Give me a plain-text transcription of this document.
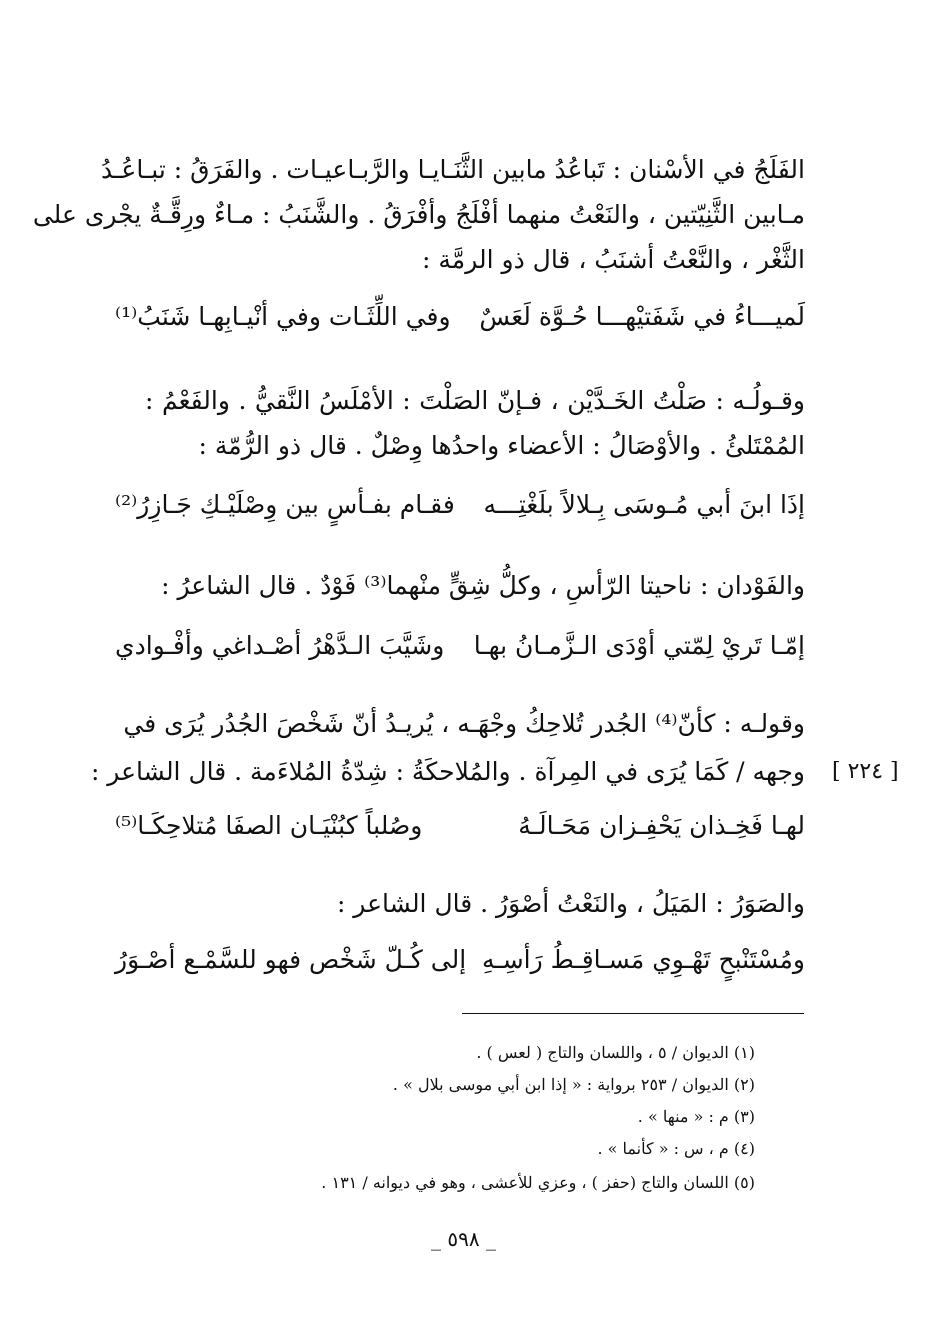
الفَلَجُ في الأسْنان : تَباعُدُ مابين الثَّنَـايـا والرَّبـاعيـات . والفَرَقُ : تبـاعُـدُ
مـابين الثَّنِيّتين ، والنَعْتُ منهما أفْلَجُ وأفْرَقُ . والشَّنَبُ : مـاءٌ ورِقَّـةٌ يجْرى على
الثَّغْر ، والنَّعْتُ أشنَبُ ، قال ذو الرمَّة :
لَميـــاءُ في شَفَتيْهـــا حُـوَّة لَعَسٌ
وفي اللِّثَـات وفي أنْيـابِهـا شَنَبُ⁽¹⁾
وقـولُـه : صَلْتُ الخَـدَّيْن ، فـإنّ الصَلْتَ : الأمْلَسُ النَّقيُّ . والفَعْمُ :
المُمْتَلئُ . والأوْصَالُ : الأعضاء واحدُها وِصْلٌ . قال ذو الرُّمّة :
إذَا ابنَ أبي مُـوسَى بِـلالاً بلَغْتِـــه
فقـام بفـأسٍ بين وِصْلَيْـكِ جَـازِرُ⁽²⁾
والفَوْدان : ناحيتا الرّأسِ ، وكلُّ شِقٍّ منْهما⁽³⁾ فَوْدٌ . قال الشاعرُ :
إمّـا تَريْ لِمّتي أوْدَى الـزَّمـانُ بهـا
وشَيَّبَ الـدَّهْرُ أصْـداغي وأفْـوادي
وقولـه : كأنّ⁽⁴⁾ الجُدر تُلاحِكُ وجْهَـه ، يُريـدُ أنّ شَخْصَ الجُدُر يُرَى في
وجهه / كَمَا يُرَى في المِرآة . والمُلاحكَةُ : شِدّةُ المُلاءَمة . قال الشاعر : [ ٢٢٤ ]
لهـا فَخِـذان يَحْفِـزان مَحَـالَـهُ
وصُلباً كبُنْيَـان الصفَا مُتلاحِكَـا⁽⁵⁾
والصَوَرُ : المَيَلُ ، والنَعْتُ أصْوَرُ . قال الشاعر :
ومُسْتَنْبحٍ تَهْـوِي مَسـاقِـطُ رَأسِـهِ
إلى كُـلّ شَخْص فهو للسَّمْـع أصْـوَرُ
(١) الديوان / ٥ ، واللسان والتاج ( لعس ) .
(٢) الديوان / ٢٥٣ برواية : « إذا ابن أبي موسى بلال » .
(٣) م : « منها » .
(٤) م ، س : « كأنما » .
(٥) اللسان والتاج (حفز ) ، وعزي للأعشى ، وهو في ديوانه / ١٣١ .
_ ٥٩٨ _
